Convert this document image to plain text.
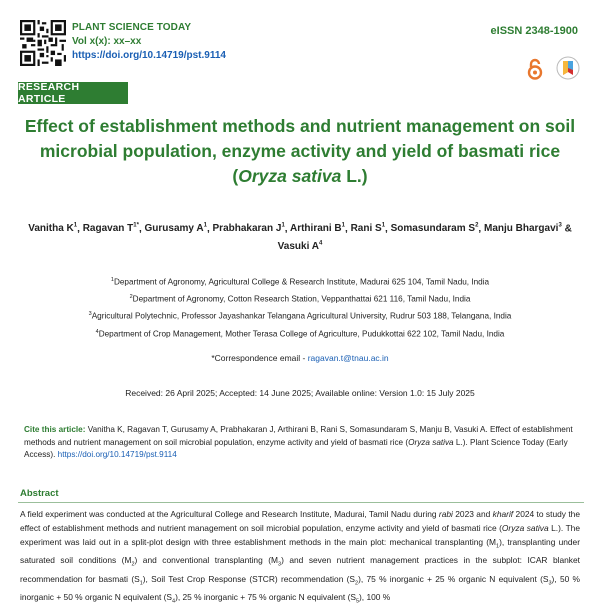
PLANT SCIENCE TODAY
Vol x(x): xx–xx
https://doi.org/10.14719/pst.9114
eISSN 2348-1900
RESEARCH ARTICLE
Effect of establishment methods and nutrient management on soil microbial population, enzyme activity and yield of basmati rice (Oryza sativa L.)
Vanitha $K^1$, Ragavan $T^{1*}$, Gurusamy $A^1$, Prabhakaran $J^1$, Arthirani $B^1$, Rani $S^1$, Somasundaram $S^2$, Manju Bhargavi$^3$ &
Vasuki $A^4$
$^1$Department of Agronomy, Agricultural College & Research Institute, Madurai 625 104, Tamil Nadu, India
$^2$Department of Agronomy, Cotton Research Station, Veppanthattai 621 116, Tamil Nadu, India
$^3$Agricultural Polytechnic, Professor Jayashankar Telangana Agricultural University, Rudrur 503 188, Telangana, India
$^4$Department of Crop Management, Mother Terasa College of Agriculture, Pudukkottai 622 102, Tamil Nadu, India
*Correspondence email - ragavan.t@tnau.ac.in
Received: 26 April 2025; Accepted: 14 June 2025; Available online: Version 1.0: 15 July 2025
Cite this article: Vanitha K, Ragavan T, Gurusamy A, Prabhakaran J, Arthirani B, Rani S, Somasundaram S, Manju B, Vasuki A. Effect of establishment methods and nutrient management on soil microbial population, enzyme activity and yield of basmati rice (Oryza sativa L.). Plant Science Today (Early Access). https://doi.org/10.14719/pst.9114
Abstract
A field experiment was conducted at the Agricultural College and Research Institute, Madurai, Tamil Nadu during rabi 2023 and kharif 2024 to study the effect of establishment methods and nutrient management on soil microbial population, enzyme activity and yield of basmati rice (Oryza sativa L.). The experiment was laid out in a split-plot design with three establishment methods in the main plot: mechanical transplanting $(M_1)$, transplanting under saturated soil conditions $(M_2)$ and conventional transplanting $(M_3)$ and seven nutrient management practices in the subplot: ICAR blanket recommendation for basmati $(S_1)$, Soil Test Crop Response (STCR) recommendation $(S_2)$, 75 % inorganic + 25 % organic N equivalent $(S_3)$, 50 % inorganic + 50 % organic N equivalent $(S_4)$, 25 % inorganic + 75 % organic N equivalent $(S_5)$, 100 %
